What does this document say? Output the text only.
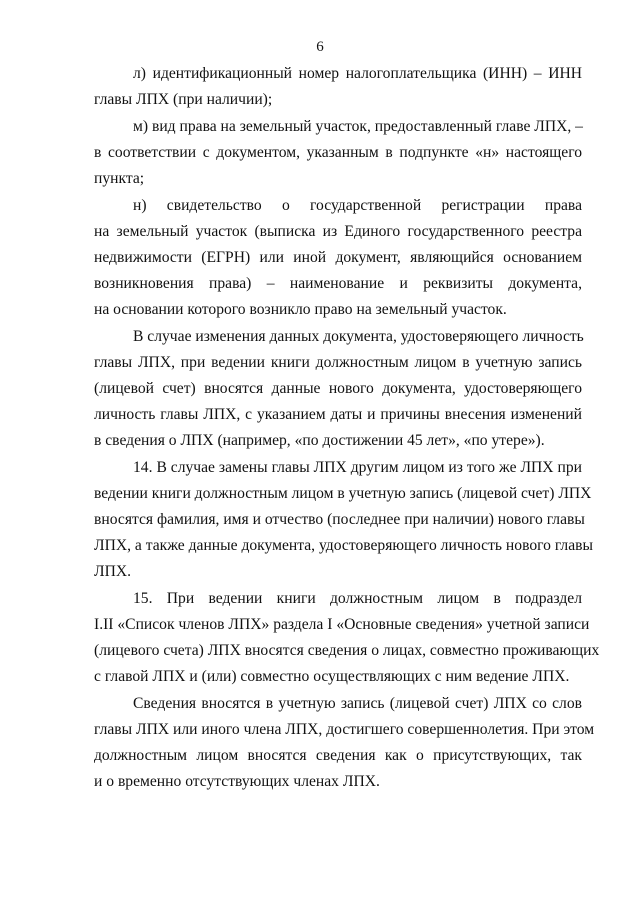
6
л) идентификационный номер налогоплательщика (ИНН) – ИНН
главы ЛПХ (при наличии);
м) вид права на земельный участок, предоставленный главе ЛПХ, –
в соответствии с документом, указанным в подпункте «н» настоящего
пункта;
н) свидетельство о государственной регистрации права
на земельный участок (выписка из Единого государственного реестра
недвижимости (ЕГРН) или иной документ, являющийся основанием
возникновения права) – наименование и реквизиты документа,
на основании которого возникло право на земельный участок.
В случае изменения данных документа, удостоверяющего личность
главы ЛПХ, при ведении книги должностным лицом в учетную запись
(лицевой счет) вносятся данные нового документа, удостоверяющего
личность главы ЛПХ, с указанием даты и причины внесения изменений
в сведения о ЛПХ (например, «по достижении 45 лет», «по утере»).
14. В случае замены главы ЛПХ другим лицом из того же ЛПХ при
ведении книги должностным лицом в учетную запись (лицевой счет) ЛПХ
вносятся фамилия, имя и отчество (последнее при наличии) нового главы
ЛПХ, а также данные документа, удостоверяющего личность нового главы
ЛПХ.
15. При ведении книги должностным лицом в подраздел
I.II «Список членов ЛПХ» раздела I «Основные сведения» учетной записи
(лицевого счета) ЛПХ вносятся сведения о лицах, совместно проживающих
с главой ЛПХ и (или) совместно осуществляющих с ним ведение ЛПХ.
Сведения вносятся в учетную запись (лицевой счет) ЛПХ со слов
главы ЛПХ или иного члена ЛПХ, достигшего совершеннолетия. При этом
должностным лицом вносятся сведения как о присутствующих, так
и о временно отсутствующих членах ЛПХ.
